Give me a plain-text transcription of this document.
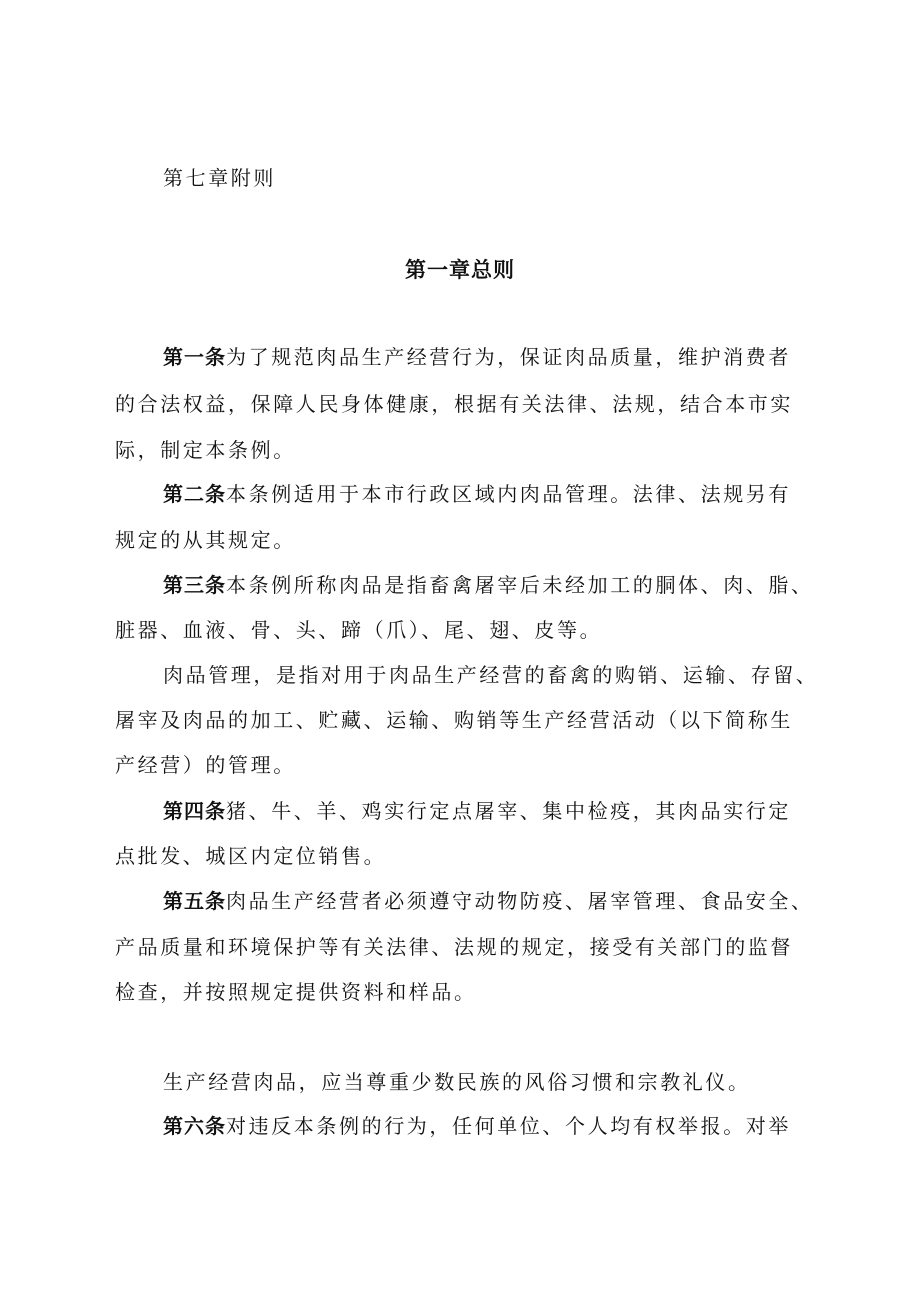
第七章附则
第一章总则
第一条为了规范肉品生产经营行为，保证肉品质量，维护消费者
的合法权益，保障人民身体健康，根据有关法律、法规，结合本市实
际，制定本条例。
第二条本条例适用于本市行政区域内肉品管理。法律、法规另有
规定的从其规定。
第三条本条例所称肉品是指畜禽屠宰后未经加工的胴体、肉、脂、
脏器、血液、骨、头、蹄（爪）、尾、翅、皮等。
肉品管理，是指对用于肉品生产经营的畜禽的购销、运输、存留、
屠宰及肉品的加工、贮藏、运输、购销等生产经营活动（以下简称生
产经营）的管理。
第四条猪、牛、羊、鸡实行定点屠宰、集中检疫，其肉品实行定
点批发、城区内定位销售。
第五条肉品生产经营者必须遵守动物防疫、屠宰管理、食品安全、
产品质量和环境保护等有关法律、法规的规定，接受有关部门的监督
检查，并按照规定提供资料和样品。
生产经营肉品，应当尊重少数民族的风俗习惯和宗教礼仪。
第六条对违反本条例的行为，任何单位、个人均有权举报。对举
